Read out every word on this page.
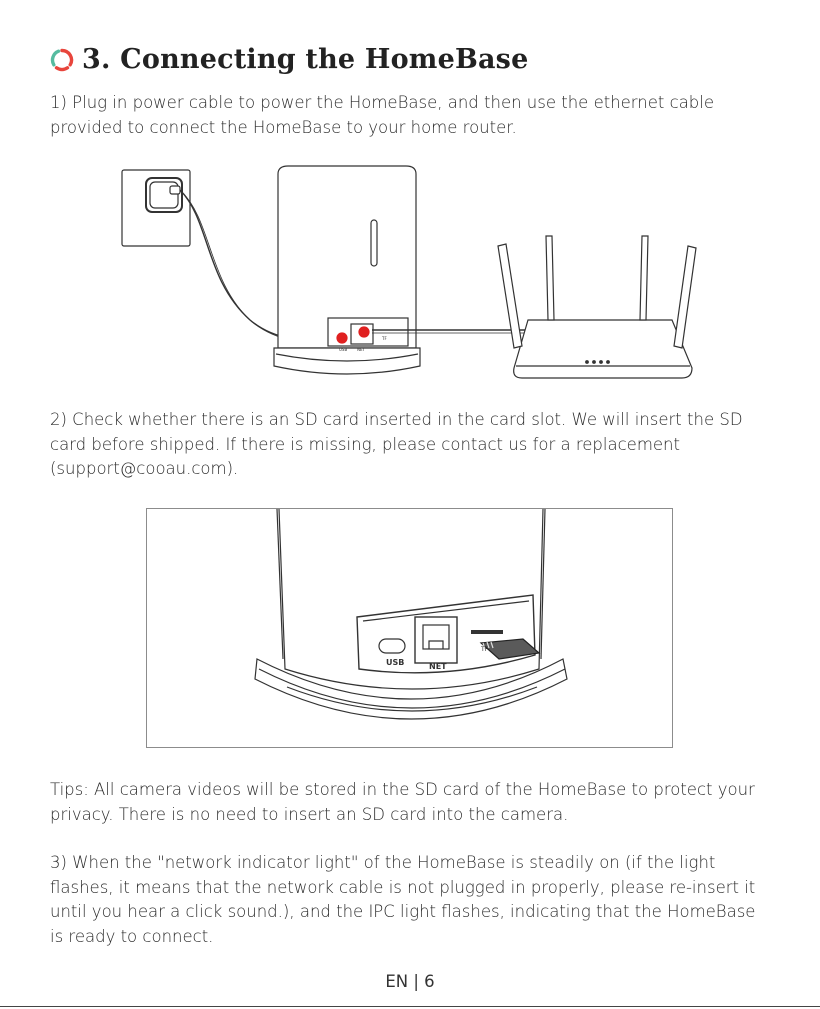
3. Connecting the HomeBase
1) Plug in power cable to power the HomeBase, and then use the ethernet cable provided to connect the HomeBase to your home router.
USB NET
TF
2) Check whether there is an SD card inserted in the card slot. We will insert the SD card before shipped. If there is missing, please contact us for a replacement (support@cooau.com).
USB	NET
TF
Tips: All camera videos will be stored in the SD card of the HomeBase to protect your privacy. There is no need to insert an SD card into the camera.
3) When the "network indicator light" of the HomeBase is steadily on (if the light flashes, it means that the network cable is not plugged in properly, please re-insert it until you hear a click sound.), and the IPC light flashes, indicating that the HomeBase is ready to connect.
EN | 6
